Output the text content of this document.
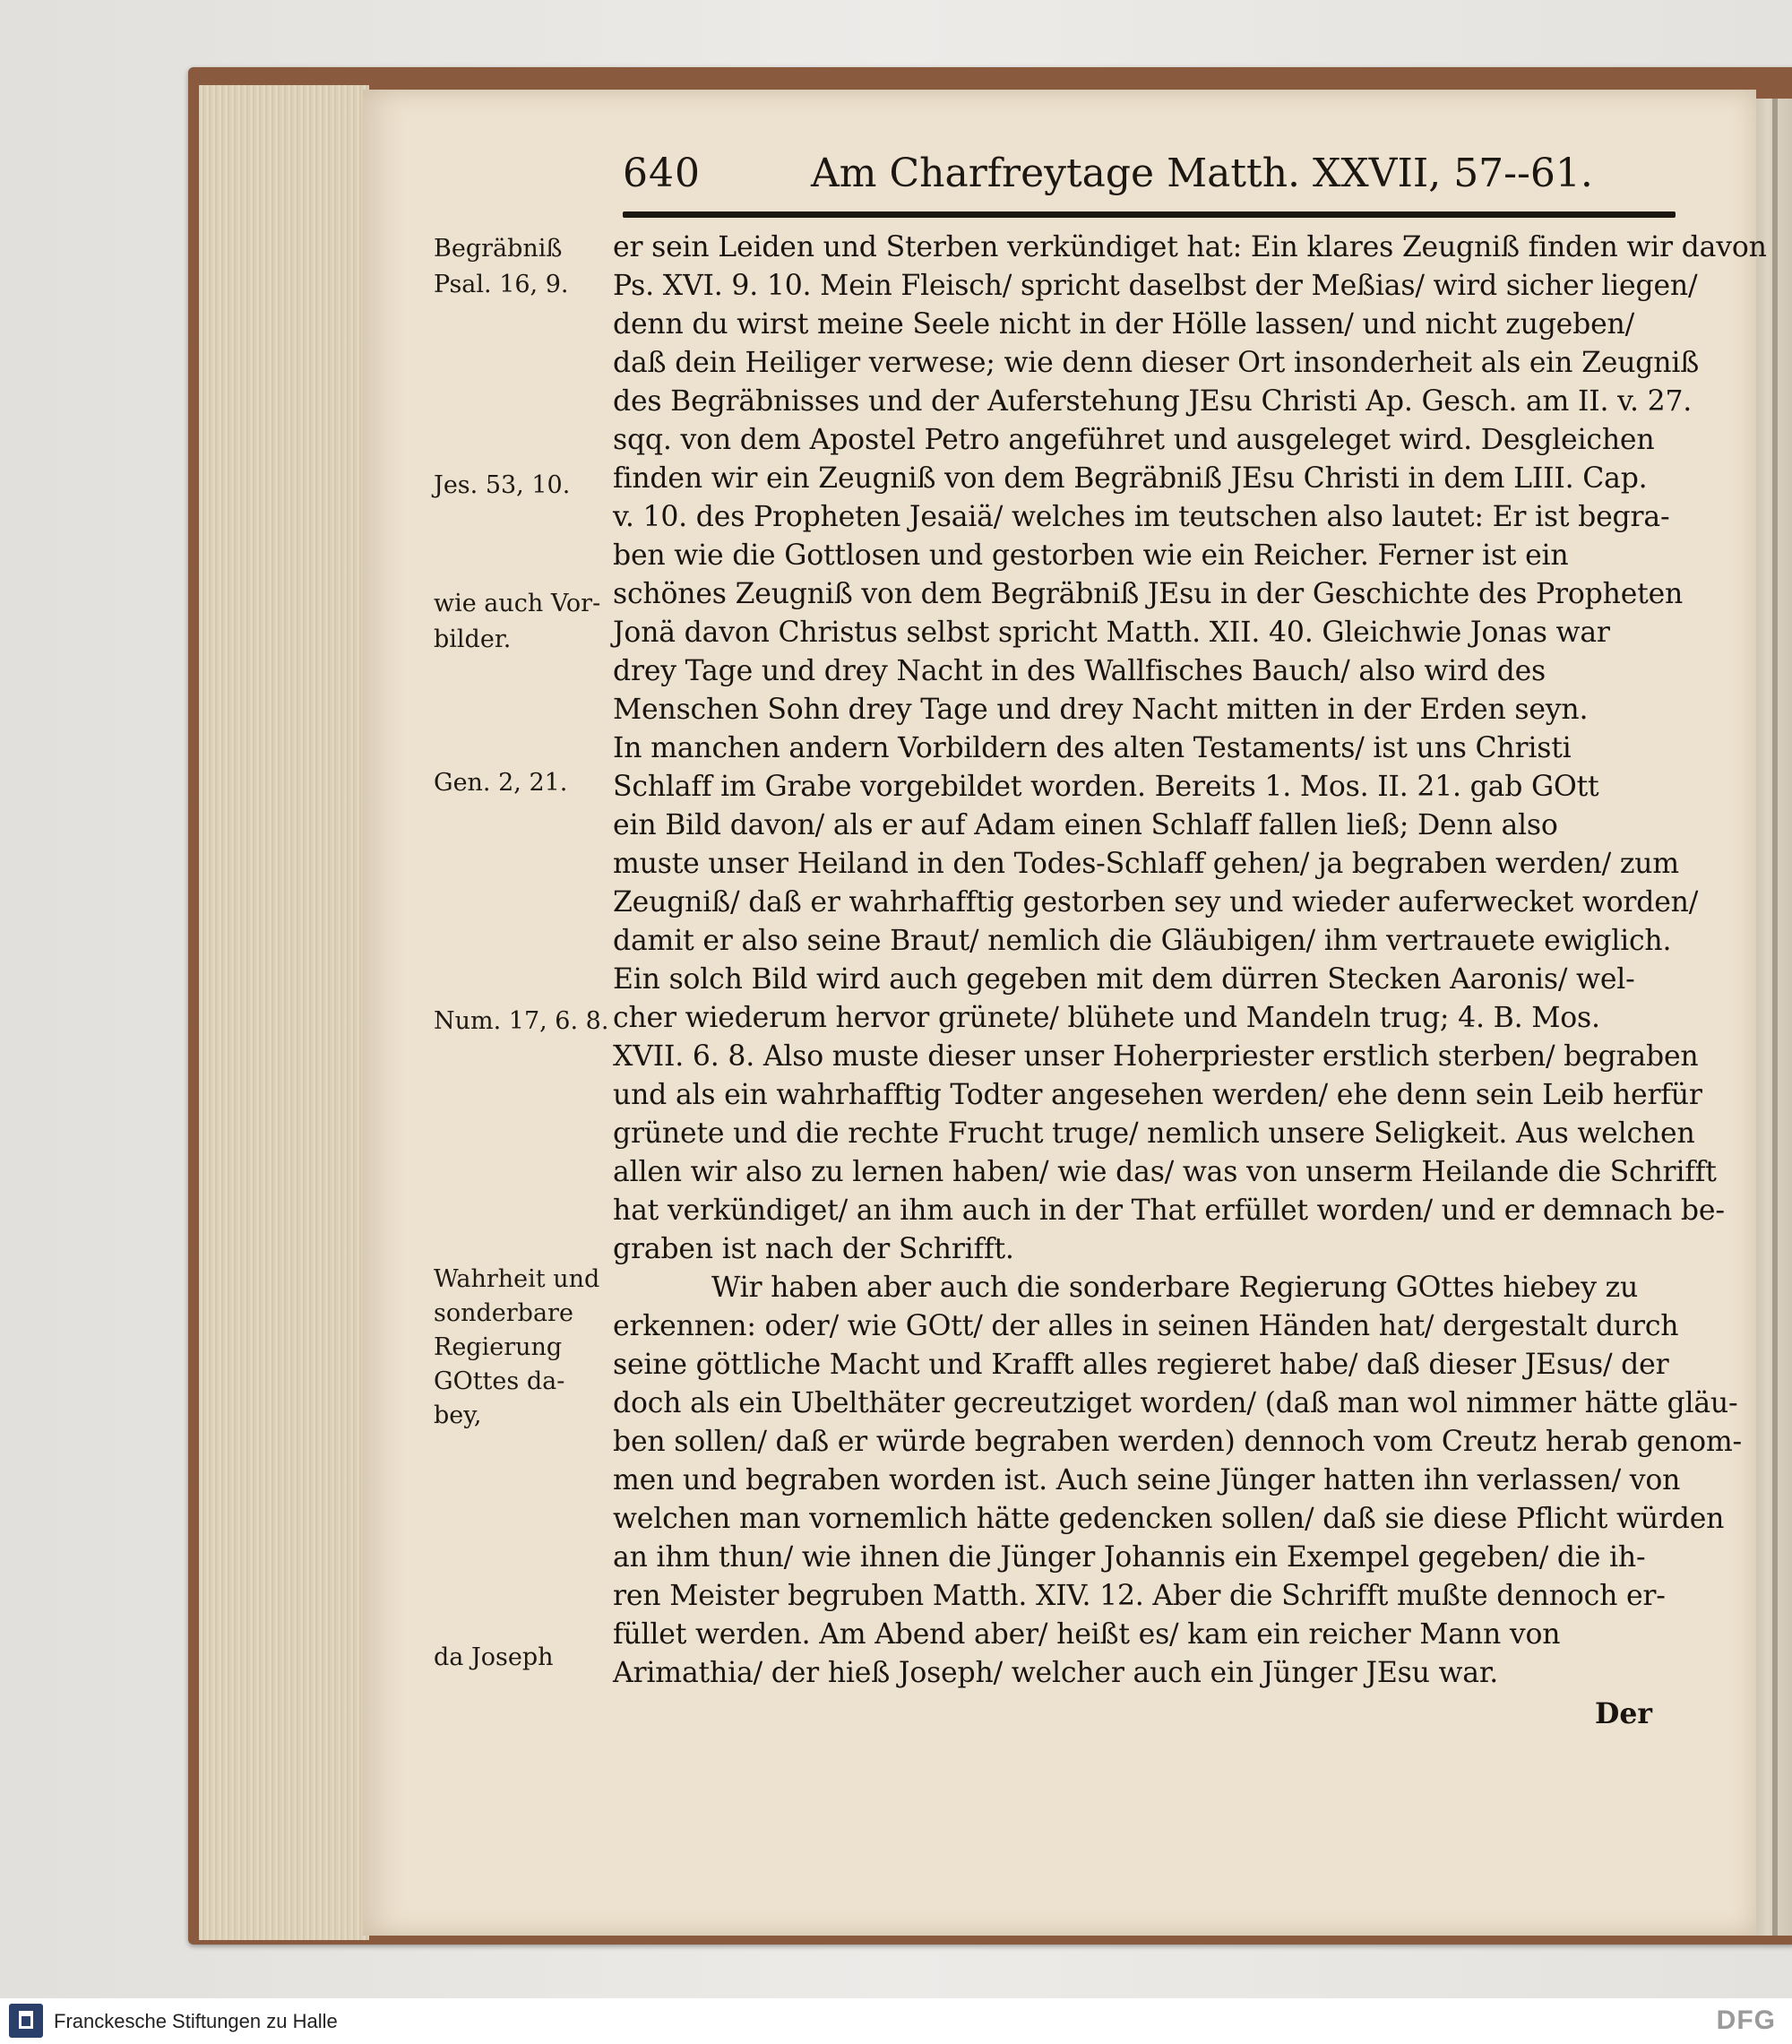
640	Am Charfreytage Matth. XXVII, 57--61.
Begräbniß
Psal. 16, 9.
Jes. 53, 10.
wie auch Vor-
bilder.
Gen. 2, 21.
Num. 17, 6. 8.
Wahrheit und
sonderbare
Regierung
GOttes da-
bey,
da Joseph
er sein Leiden und Sterben verkündiget hat: Ein klares Zeugniß finden wir davon
Ps. XVI. 9. 10. Mein Fleisch/ spricht daselbst der Meßias/ wird sicher liegen/
denn du wirst meine Seele nicht in der Hölle lassen/ und nicht zugeben/
daß dein Heiliger verwese; wie denn dieser Ort insonderheit als ein Zeugniß
des Begräbnisses und der Auferstehung JEsu Christi Ap. Gesch. am II. v. 27.
sqq. von dem Apostel Petro angeführet und ausgeleget wird. Desgleichen
finden wir ein Zeugniß von dem Begräbniß JEsu Christi in dem LIII. Cap.
v. 10. des Propheten Jesaiä/ welches im teutschen also lautet: Er ist begra-
ben wie die Gottlosen und gestorben wie ein Reicher. Ferner ist ein
schönes Zeugniß von dem Begräbniß JEsu in der Geschichte des Propheten
Jonä davon Christus selbst spricht Matth. XII. 40. Gleichwie Jonas war
drey Tage und drey Nacht in des Wallfisches Bauch/ also wird des
Menschen Sohn drey Tage und drey Nacht mitten in der Erden seyn.
In manchen andern Vorbildern des alten Testaments/ ist uns Christi
Schlaff im Grabe vorgebildet worden. Bereits 1. Mos. II. 21. gab GOtt
ein Bild davon/ als er auf Adam einen Schlaff fallen ließ; Denn also
muste unser Heiland in den Todes-Schlaff gehen/ ja begraben werden/ zum
Zeugniß/ daß er wahrhafftig gestorben sey und wieder auferwecket worden/
damit er also seine Braut/ nemlich die Gläubigen/ ihm vertrauete ewiglich.
Ein solch Bild wird auch gegeben mit dem dürren Stecken Aaronis/ wel-
cher wiederum hervor grünete/ blühete und Mandeln trug; 4. B. Mos.
XVII. 6. 8. Also muste dieser unser Hoherpriester erstlich sterben/ begraben
und als ein wahrhafftig Todter angesehen werden/ ehe denn sein Leib herfür
grünete und die rechte Frucht truge/ nemlich unsere Seligkeit. Aus welchen
allen wir also zu lernen haben/ wie das/ was von unserm Heilande die Schrifft
hat verkündiget/ an ihm auch in der That erfüllet worden/ und er demnach be-
graben ist nach der Schrifft.
Wir haben aber auch die sonderbare Regierung GOttes hiebey zu
erkennen: oder/ wie GOtt/ der alles in seinen Händen hat/ dergestalt durch
seine göttliche Macht und Krafft alles regieret habe/ daß dieser JEsus/ der
doch als ein Ubelthäter gecreutziget worden/ (daß man wol nimmer hätte gläu-
ben sollen/ daß er würde begraben werden) dennoch vom Creutz herab genom-
men und begraben worden ist. Auch seine Jünger hatten ihn verlassen/ von
welchen man vornemlich hätte gedencken sollen/ daß sie diese Pflicht würden
an ihm thun/ wie ihnen die Jünger Johannis ein Exempel gegeben/ die ih-
ren Meister begruben Matth. XIV. 12. Aber die Schrifft mußte dennoch er-
füllet werden. Am Abend aber/ heißt es/ kam ein reicher Mann von
Arimathia/ der hieß Joseph/ welcher auch ein Jünger JEsu war.
Der
Franckesche Stiftungen zu Halle	DFG
